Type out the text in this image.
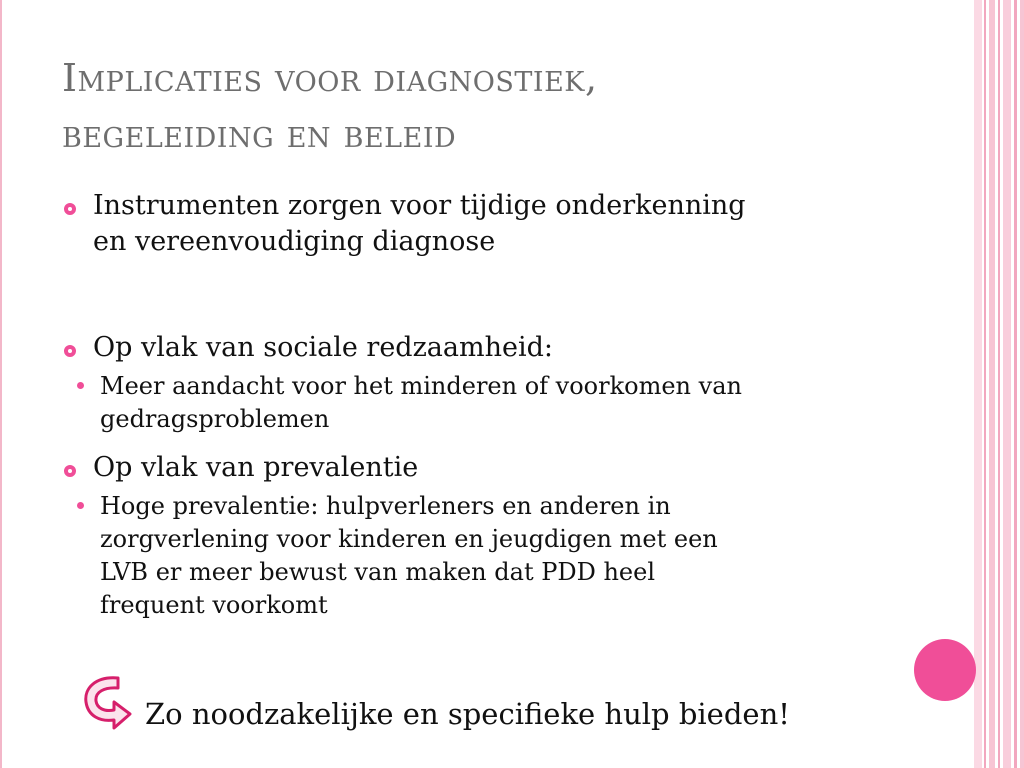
Implicaties voor diagnostiek,
begeleiding en beleid
Instrumenten zorgen voor tijdige onderkenning
en vereenvoudiging diagnose
Op vlak van sociale redzaamheid:
Meer aandacht voor het minderen of voorkomen van
gedragsproblemen
Op vlak van prevalentie
Hoge prevalentie: hulpverleners en anderen in
zorgverlening voor kinderen en jeugdigen met een
LVB er meer bewust van maken dat PDD heel
frequent voorkomt
Zo noodzakelijke en specifieke hulp bieden!
